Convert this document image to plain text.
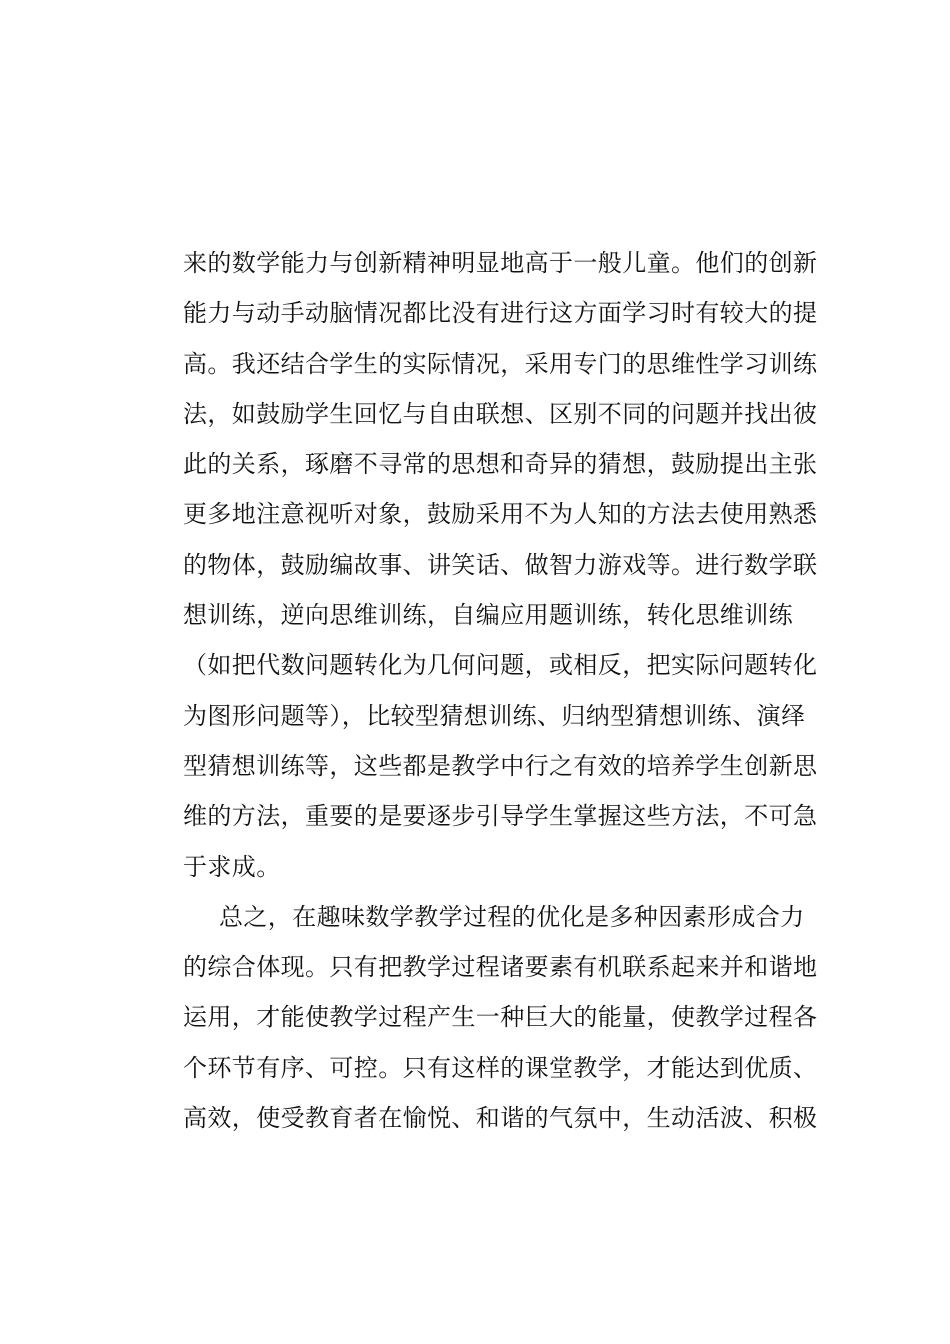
来的数学能力与创新精神明显地高于一般儿童。他们的创新
能力与动手动脑情况都比没有进行这方面学习时有较大的提
高。我还结合学生的实际情况，采用专门的思维性学习训练
法，如鼓励学生回忆与自由联想、区别不同的问题并找出彼
此的关系，琢磨不寻常的思想和奇异的猜想，鼓励提出主张
更多地注意视听对象，鼓励采用不为人知的方法去使用熟悉
的物体，鼓励编故事、讲笑话、做智力游戏等。进行数学联
想训练，逆向思维训练，自编应用题训练，转化思维训练
（如把代数问题转化为几何问题，或相反，把实际问题转化
为图形问题等），比较型猜想训练、归纳型猜想训练、演绎
型猜想训练等，这些都是教学中行之有效的培养学生创新思
维的方法，重要的是要逐步引导学生掌握这些方法，不可急
于求成。
总之，在趣味数学教学过程的优化是多种因素形成合力
的综合体现。只有把教学过程诸要素有机联系起来并和谐地
运用，才能使教学过程产生一种巨大的能量，使教学过程各
个环节有序、可控。只有这样的课堂教学，才能达到优质、
高效，使受教育者在愉悦、和谐的气氛中，生动活波、积极
